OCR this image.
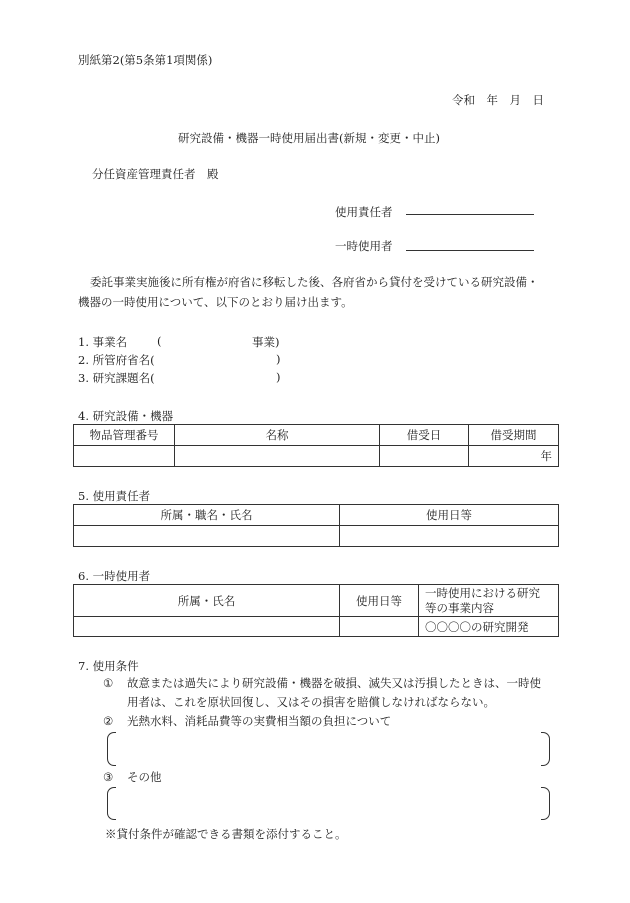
別紙第2(第5条第1項関係)
令和　年　月　日
研究設備・機器一時使用届出書(新規・変更・中止)
分任資産管理責任者　殿
使用責任者
一時使用者
委託事業実施後に所有権が府省に移転した後、各府省から貸付を受けている研究設備・
機器の一時使用について、以下のとおり届け出ます。
1. 事業名	(	事業)
2. 所管府省名(	)
3. 研究課題名(	)
4. 研究設備・機器
物品管理番号	名称	借受日	借受期間
			年
5. 使用責任者
所属・職名・氏名	使用日等

6. 一時使用者
所属・氏名	使用日等	一時使用における研究
等の事業内容

		〇〇〇〇の研究開発
7. 使用条件
① 故意または過失により研究設備・機器を破損、滅失又は汚損したときは、一時使
用者は、これを原状回復し、又はその損害を賠償しなければならない。
② 光熱水料、消耗品費等の実費相当額の負担について
③ その他
※貸付条件が確認できる書類を添付すること。
